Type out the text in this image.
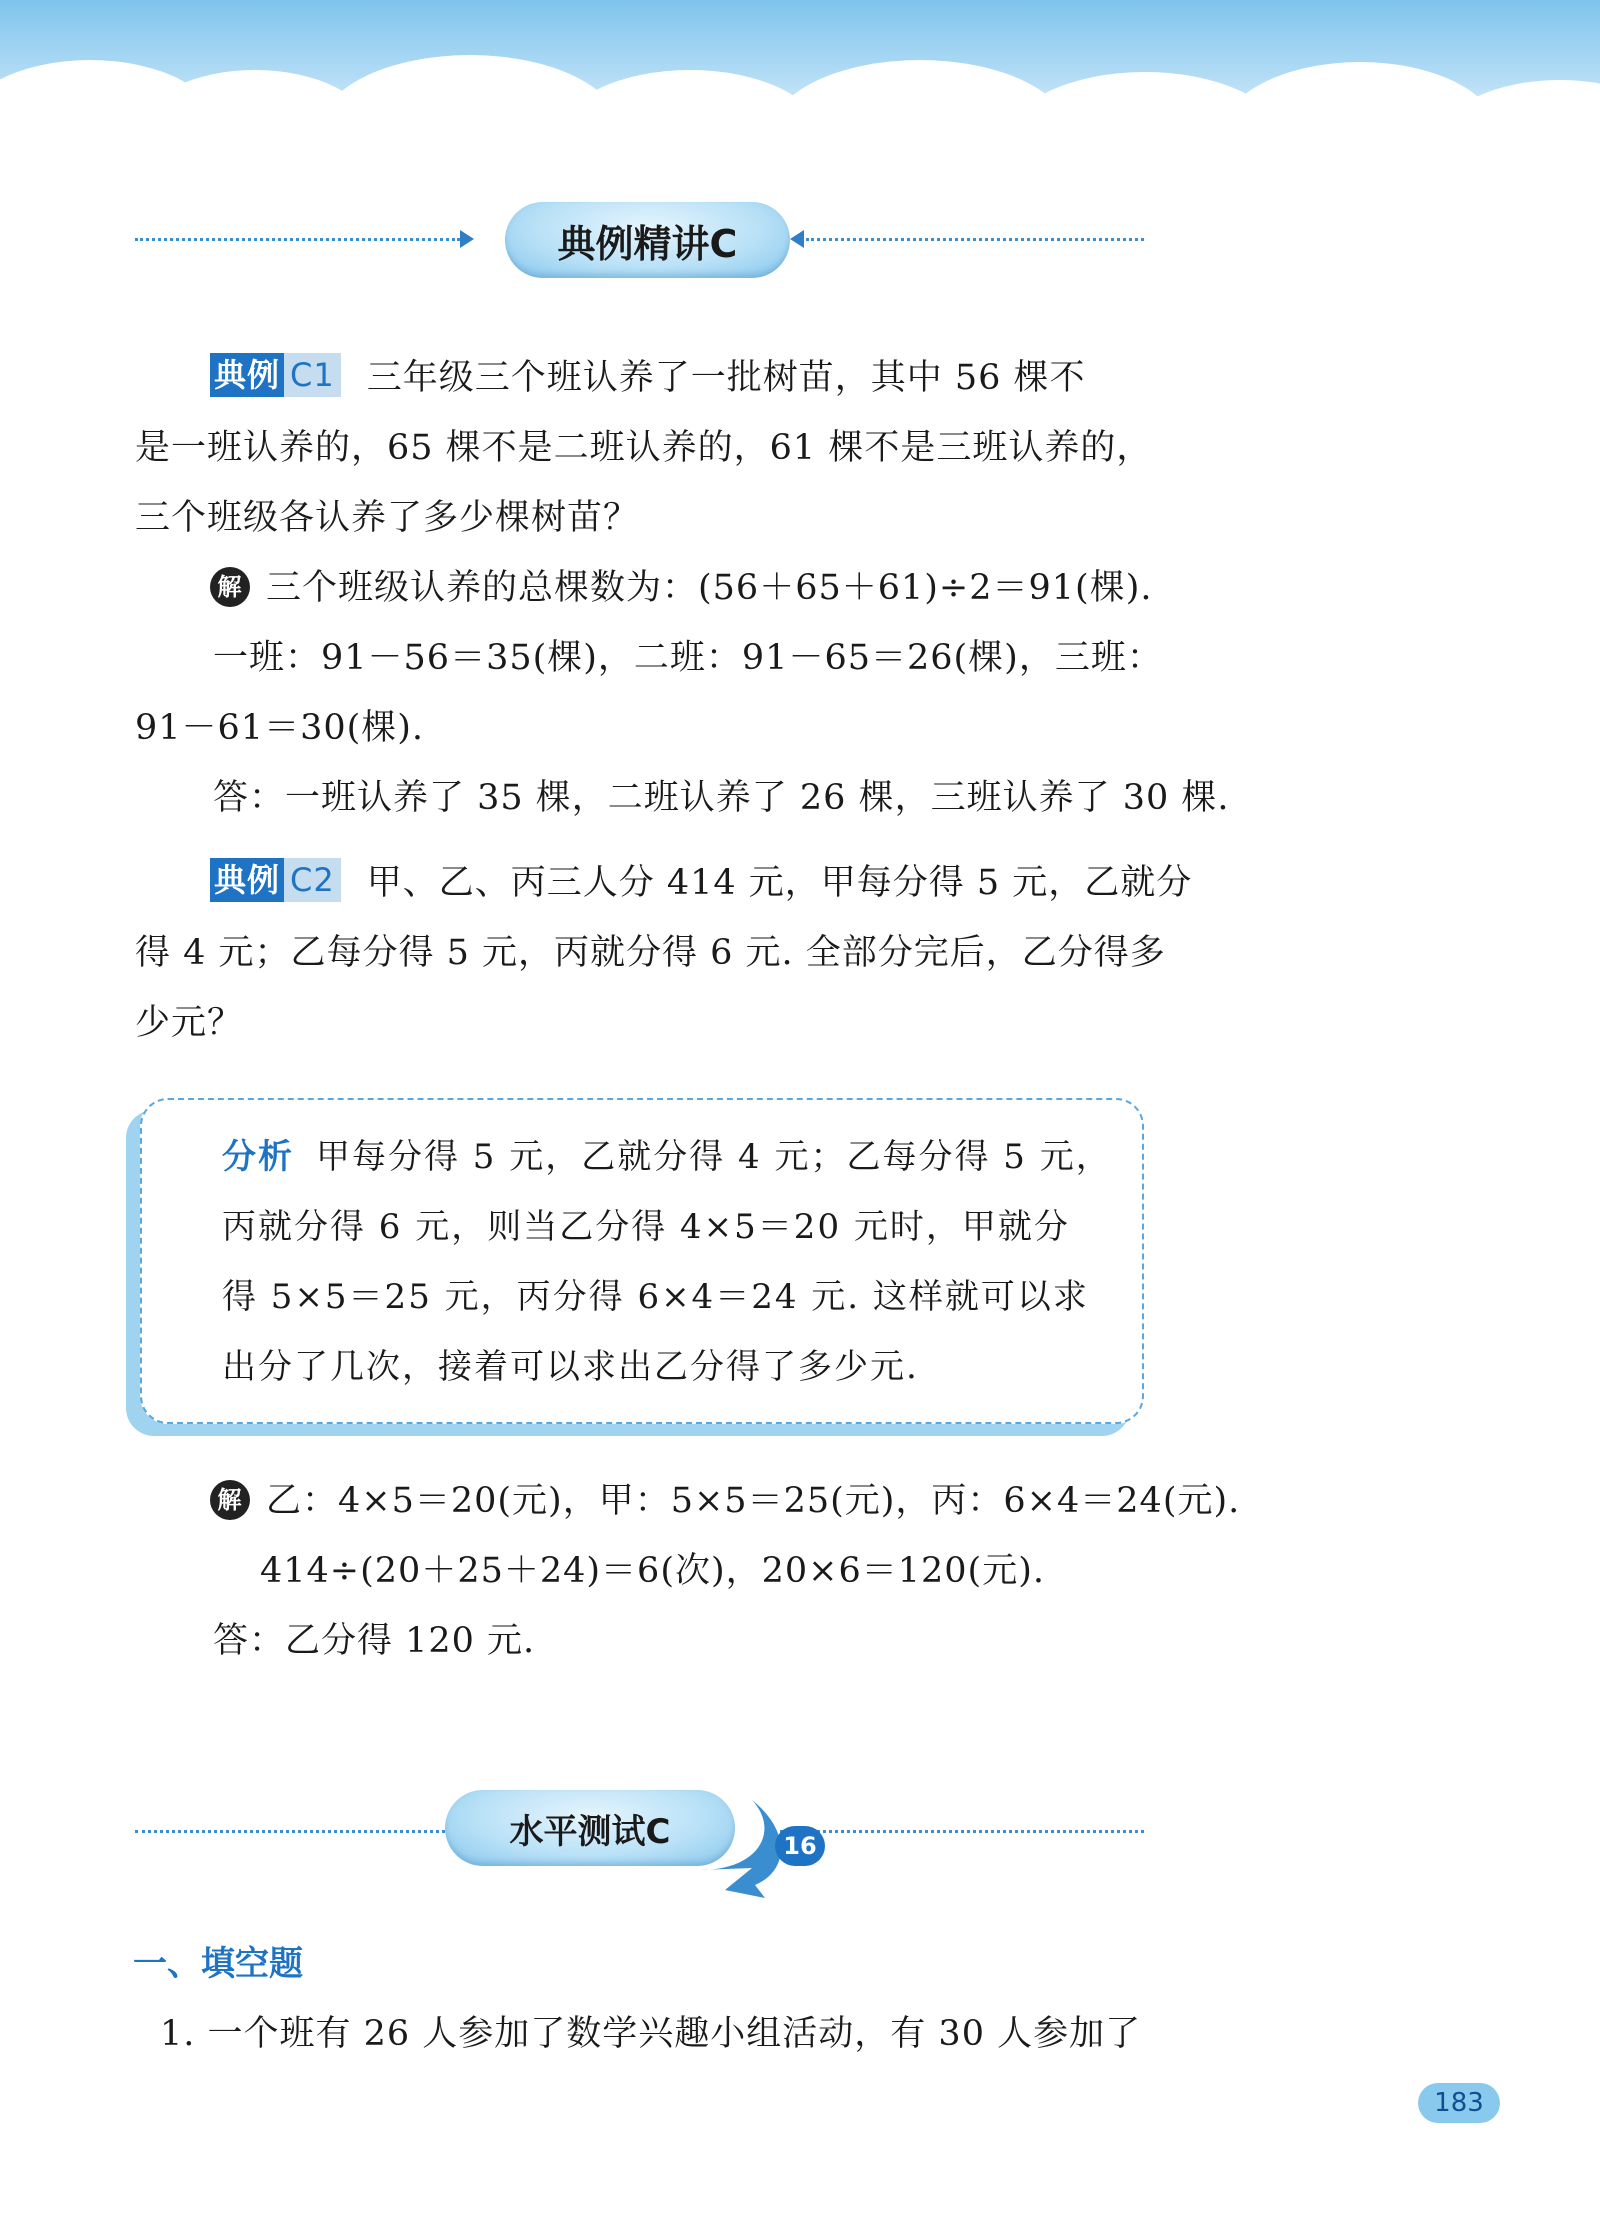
典例精讲C
典例 C1 三年级三个班认养了一批树苗，其中 56 棵不
是一班认养的，65 棵不是二班认养的，61 棵不是三班认养的，
三个班级各认养了多少棵树苗？
解 三个班级认养的总棵数为：(56＋65＋61)÷2＝91(棵).
一班：91－56＝35(棵)，二班：91－65＝26(棵)，三班：
91－61＝30(棵).
答：一班认养了 35 棵，二班认养了 26 棵，三班认养了 30 棵.
典例 C2 甲、乙、丙三人分 414 元，甲每分得 5 元，乙就分
得 4 元；乙每分得 5 元，丙就分得 6 元. 全部分完后，乙分得多
少元？
分析 甲每分得 5 元，乙就分得 4 元；乙每分得 5 元，
丙就分得 6 元，则当乙分得 4×5＝20 元时，甲就分
得 5×5＝25 元，丙分得 6×4＝24 元. 这样就可以求
出分了几次，接着可以求出乙分得了多少元.
解 乙：4×5＝20(元)，甲：5×5＝25(元)，丙：6×4＝24(元).
414÷(20＋25＋24)＝6(次)，20×6＝120(元).
答：乙分得 120 元.
水平测试C	16
一、填空题
1. 一个班有 26 人参加了数学兴趣小组活动，有 30 人参加了
183
